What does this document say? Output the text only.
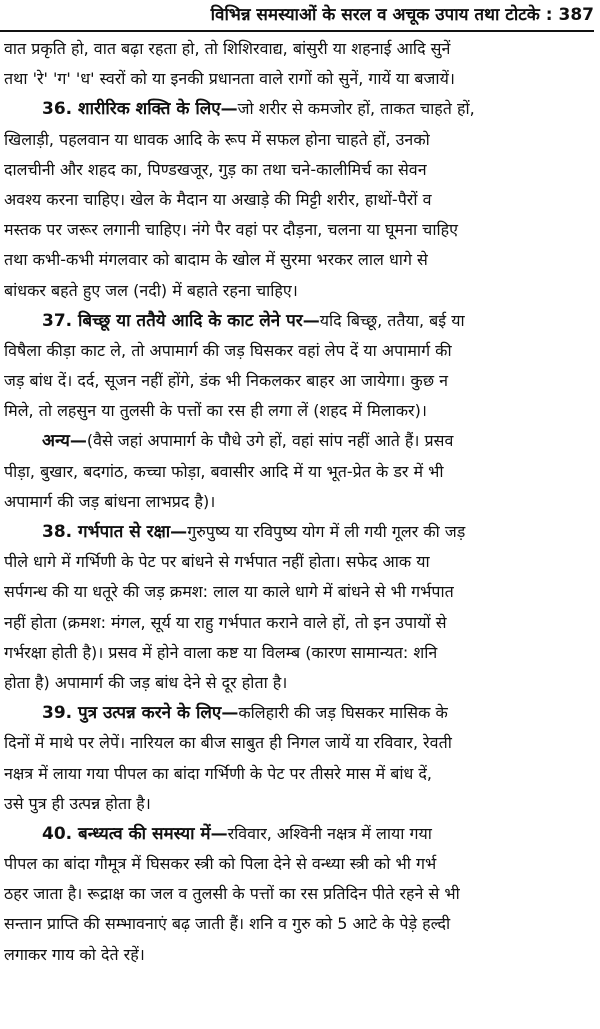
विभिन्न समस्याओं के सरल व अचूक उपाय तथा टोटके : 387
वात प्रकृति हो, वात बढ़ा रहता हो, तो शिशिरवाद्य, बांसुरी या शहनाई आदि सुनें
तथा 'रे' 'ग' 'ध' स्वरों को या इनकी प्रधानता वाले रागों को सुनें, गायें या बजायें।
36. शारीरिक शक्ति के लिए—जो शरीर से कमजोर हों, ताकत चाहते हों,
खिलाड़ी, पहलवान या धावक आदि के रूप में सफल होना चाहते हों, उनको
दालचीनी और शहद का, पिण्डखजूर, गुड़ का तथा चने-कालीमिर्च का सेवन
अवश्य करना चाहिए। खेल के मैदान या अखाड़े की मिट्टी शरीर, हाथों-पैरों व
मस्तक पर जरूर लगानी चाहिए। नंगे पैर वहां पर दौड़ना, चलना या घूमना चाहिए
तथा कभी-कभी मंगलवार को बादाम के खोल में सुरमा भरकर लाल धागे से
बांधकर बहते हुए जल (नदी) में बहाते रहना चाहिए।
37. बिच्छू या ततैये आदि के काट लेने पर—यदि बिच्छू, ततैया, बई या
विषैला कीड़ा काट ले, तो अपामार्ग की जड़ घिसकर वहां लेप दें या अपामार्ग की
जड़ बांध दें। दर्द, सूजन नहीं होंगे, डंक भी निकलकर बाहर आ जायेगा। कुछ न
मिले, तो लहसुन या तुलसी के पत्तों का रस ही लगा लें (शहद में मिलाकर)।
अन्य—(वैसे जहां अपामार्ग के पौधे उगे हों, वहां सांप नहीं आते हैं। प्रसव
पीड़ा, बुखार, बदगांठ, कच्चा फोड़ा, बवासीर आदि में या भूत-प्रेत के डर में भी
अपामार्ग की जड़ बांधना लाभप्रद है)।
38. गर्भपात से रक्षा—गुरुपुष्य या रविपुष्य योग में ली गयी गूलर की जड़
पीले धागे में गर्भिणी के पेट पर बांधने से गर्भपात नहीं होता। सफेद आक या
सर्पगन्ध की या धतूरे की जड़ क्रमश: लाल या काले धागे में बांधने से भी गर्भपात
नहीं होता (क्रमश: मंगल, सूर्य या राहु गर्भपात कराने वाले हों, तो इन उपायों से
गर्भरक्षा होती है)। प्रसव में होने वाला कष्ट या विलम्ब (कारण सामान्यत: शनि
होता है) अपामार्ग की जड़ बांध देने से दूर होता है।
39. पुत्र उत्पन्न करने के लिए—कलिहारी की जड़ घिसकर मासिक के
दिनों में माथे पर लेपें। नारियल का बीज साबुत ही निगल जायें या रविवार, रेवती
नक्षत्र में लाया गया पीपल का बांदा गर्भिणी के पेट पर तीसरे मास में बांध दें,
उसे पुत्र ही उत्पन्न होता है।
40. बन्ध्यत्व की समस्या में—रविवार, अश्विनी नक्षत्र में लाया गया
पीपल का बांदा गौमूत्र में घिसकर स्त्री को पिला देने से वन्ध्या स्त्री को भी गर्भ
ठहर जाता है। रूद्राक्ष का जल व तुलसी के पत्तों का रस प्रतिदिन पीते रहने से भी
सन्तान प्राप्ति की सम्भावनाएं बढ़ जाती हैं। शनि व गुरु को 5 आटे के पेड़े हल्दी
लगाकर गाय को देते रहें।
